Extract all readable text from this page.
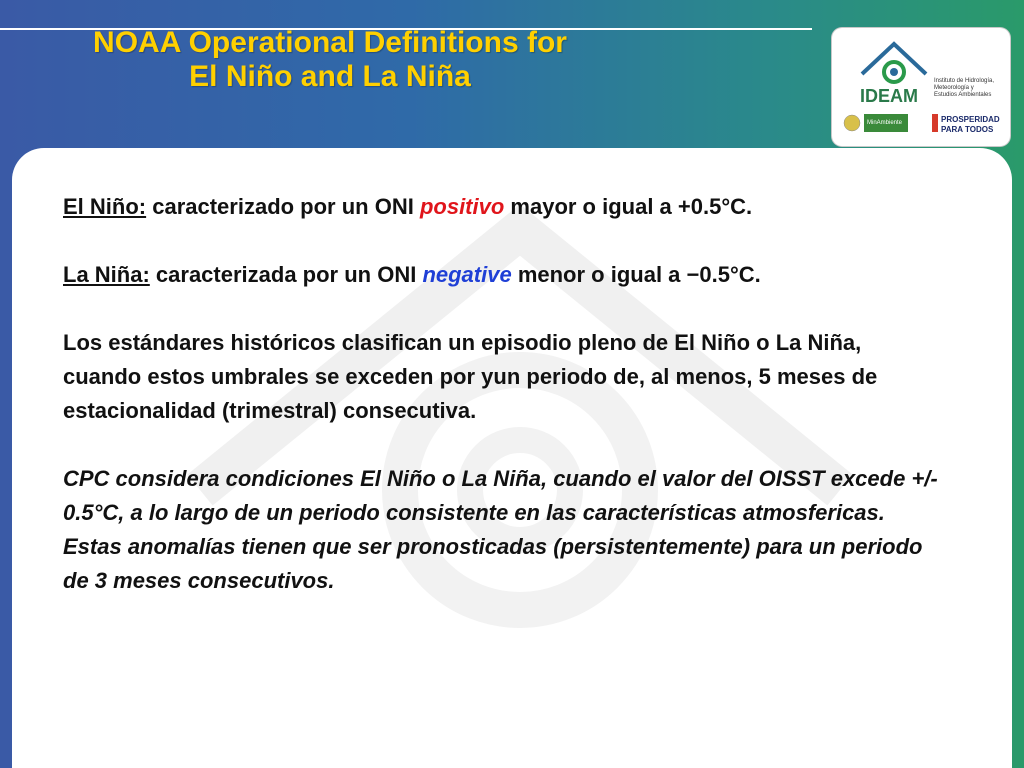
NOAA Operational Definitions for
El Niño and La Niña
IDEAM
Instituto de Hidrología,
Meteorología y
Estudios Ambientales
MinAmbiente	PROSPERIDAD
PARA TODOS

El Niño: caracterizado por un ONI positivo mayor o igual a +0.5°C.

La Niña: caracterizada por un ONI negative menor o igual a −0.5°C.

Los estándares históricos clasifican un episodio pleno de El Niño o La Niña, cuando estos umbrales se exceden por yun periodo de, al menos, 5 meses de estacionalidad (trimestral) consecutiva.

CPC considera condiciones El Niño o La Niña, cuando el valor del OISST excede +/- 0.5°C, a lo largo de un periodo consistente en las características atmosfericas. Estas anomalías tienen que ser pronosticadas (persistentemente) para un periodo de 3 meses consecutivos.
